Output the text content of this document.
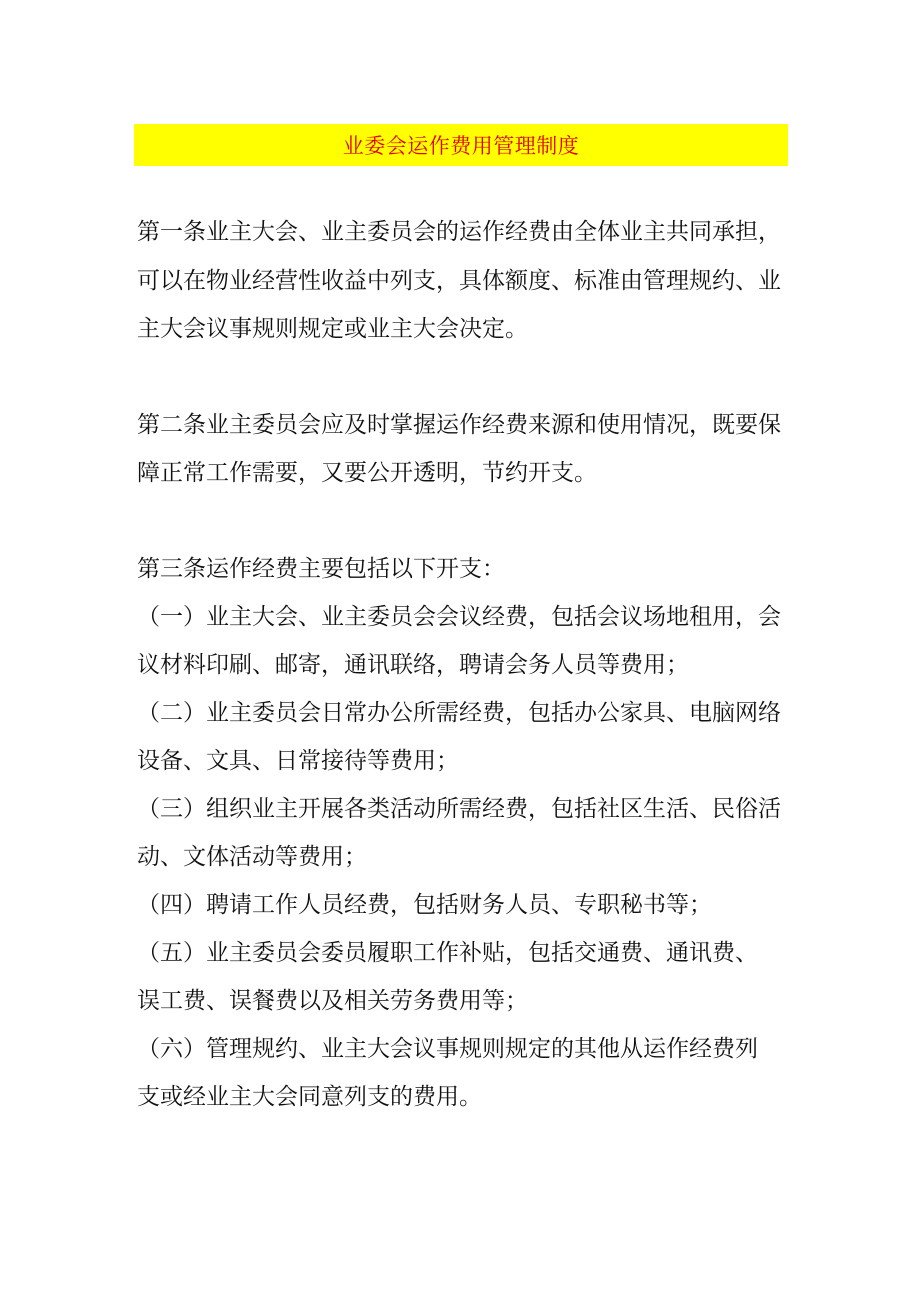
业委会运作费用管理制度
第一条业主大会、业主委员会的运作经费由全体业主共同承担，
可以在物业经营性收益中列支，具体额度、标准由管理规约、业
主大会议事规则规定或业主大会决定。
第二条业主委员会应及时掌握运作经费来源和使用情况，既要保
障正常工作需要，又要公开透明，节约开支。
第三条运作经费主要包括以下开支：
（一）业主大会、业主委员会会议经费，包括会议场地租用，会
议材料印刷、邮寄，通讯联络，聘请会务人员等费用；
（二）业主委员会日常办公所需经费，包括办公家具、电脑网络
设备、文具、日常接待等费用；
（三）组织业主开展各类活动所需经费，包括社区生活、民俗活
动、文体活动等费用；
（四）聘请工作人员经费，包括财务人员、专职秘书等；
（五）业主委员会委员履职工作补贴，包括交通费、通讯费、
误工费、误餐费以及相关劳务费用等；
（六）管理规约、业主大会议事规则规定的其他从运作经费列
支或经业主大会同意列支的费用。
